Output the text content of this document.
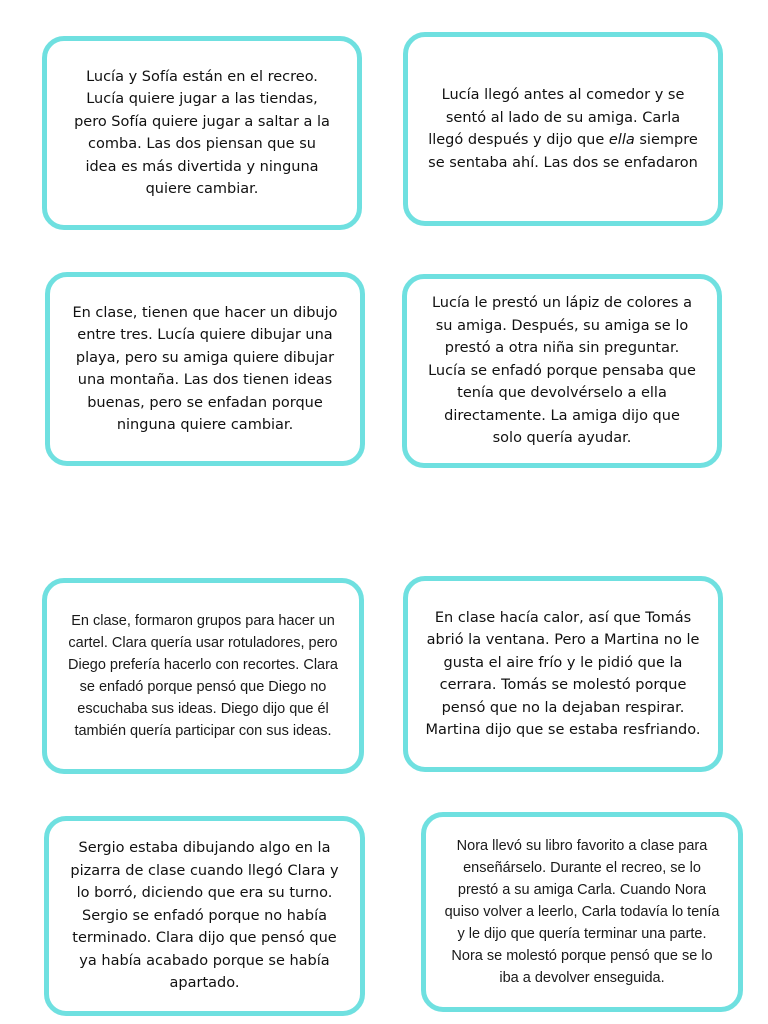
Lucía y Sofía están en el recreo. Lucía quiere jugar a las tiendas, pero Sofía quiere jugar a saltar a la comba. Las dos piensan que su idea es más divertida y ninguna quiere cambiar.

Lucía llegó antes al comedor y se sentó al lado de su amiga. Carla llegó después y dijo que ella siempre se sentaba ahí. Las dos se enfadaron

En clase, tienen que hacer un dibujo entre tres. Lucía quiere dibujar una playa, pero su amiga quiere dibujar una montaña. Las dos tienen ideas buenas, pero se enfadan porque ninguna quiere cambiar.

Lucía le prestó un lápiz de colores a su amiga. Después, su amiga se lo prestó a otra niña sin preguntar. Lucía se enfadó porque pensaba que tenía que devolvérselo a ella directamente. La amiga dijo que solo quería ayudar.

En clase, formaron grupos para hacer un cartel. Clara quería usar rotuladores, pero Diego prefería hacerlo con recortes. Clara se enfadó porque pensó que Diego no escuchaba sus ideas. Diego dijo que él también quería participar con sus ideas.

En clase hacía calor, así que Tomás abrió la ventana. Pero a Martina no le gusta el aire frío y le pidió que la cerrara. Tomás se molestó porque pensó que no la dejaban respirar. Martina dijo que se estaba resfriando.

Sergio estaba dibujando algo en la pizarra de clase cuando llegó Clara y lo borró, diciendo que era su turno. Sergio se enfadó porque no había terminado. Clara dijo que pensó que ya había acabado porque se había apartado.

Nora llevó su libro favorito a clase para enseñárselo. Durante el recreo, se lo prestó a su amiga Carla. Cuando Nora quiso volver a leerlo, Carla todavía lo tenía y le dijo que quería terminar una parte. Nora se molestó porque pensó que se lo iba a devolver enseguida.
